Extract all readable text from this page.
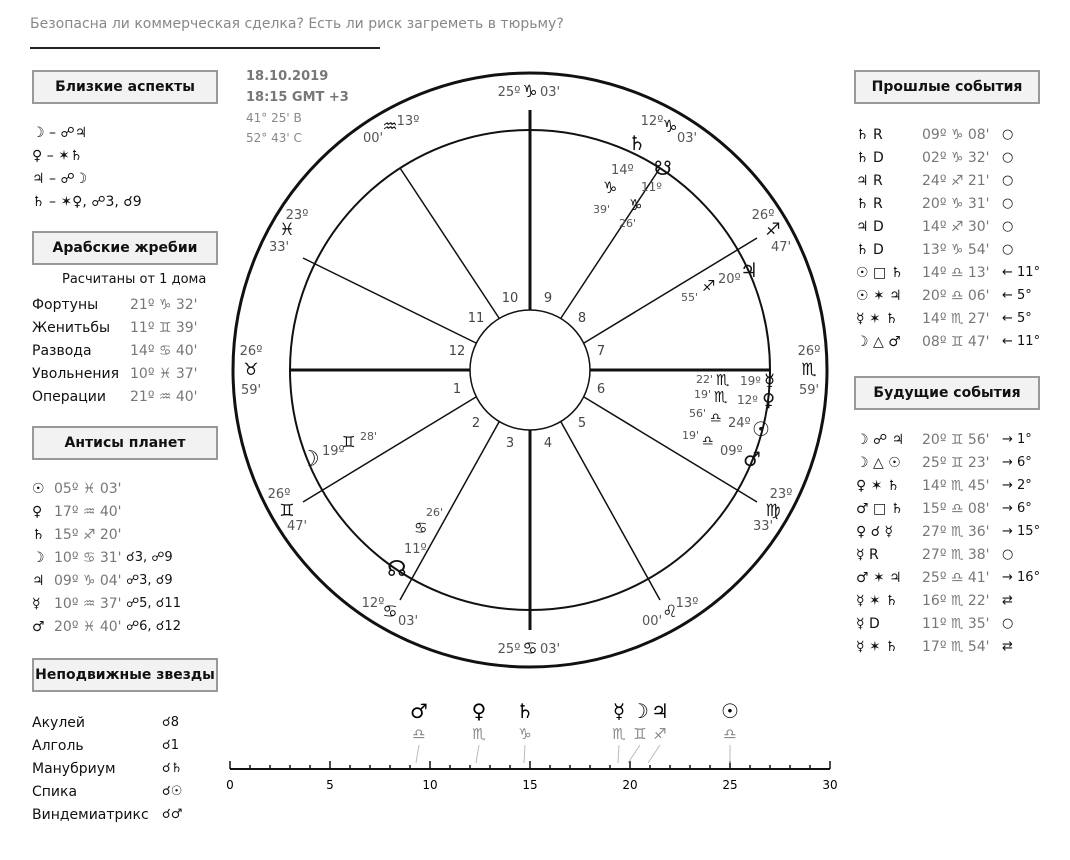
Безопасна ли коммерческая сделка? Есть ли риск загреметь в тюрьму?
Близкие аспекты
☽ – ☍♃
♀ – ✶♄
♃ – ☍☽
♄ – ✶♀, ☍3, ☌9
Арабские жребии
Расчитаны от 1 дома
Фортуны 21º ♑ 32'
Женитьбы 11º ♊ 39'
Развода	14º ♋ 40'
Увольнения 10º ♓ 37'
Операции 21º ♒ 40'
Антисы планет
☉ 05º ♓ 03'
♀ 17º ♒ 40'
♄ 15º ♐ 20'
☽ 10º ♋ 31' ☌3, ☍9
♃ 09º ♑ 04' ☍3, ☌9
☿ 10º ♒ 37' ☍5, ☌11
♂ 20º ♓ 40' ☍6, ☌12
Неподвижные звезды
Акулей	☌8
Алголь	☌1
Манубриум	☌♄
Спика	☌☉
Виндемиатрикс ☌♂
18.10.2019
18:15 GMT +3
41° 25' В
52° 43' С
1
2
3 4
5
6
7
8
9
10
11
12
26º
♉
59'
26º
♊
47'
12º
♋ 03'
25º ♋ 03'
13º
♌
00'
23º
♍
33'
26º
♏
59'
26º
♐
47'
12º ♑
03'
25º ♑ 03'
13º
♒
00'
23º
♓
33'
♄
14º
♑
39'
☋
11º
♑
26'
♃
20º
♐
55'
☿
19º
♏
22'
♀
12º
♏
19'
☉
24º
♎
56'
♂
09º
♎
19'
☽ 19º
♊ 28'
☊
11º
♋
26'
Прошлые события
♄ R	09º ♑ 08' ○
♄ D	02º ♑ 32' ○
♃ R	24º ♐ 21' ○
♄ R	20º ♑ 31' ○
♃ D	14º ♐ 30' ○
♄ D	13º ♑ 54' ○
☉ □ ♄ 14º ♎ 13' ← 11°
☉ ✶ ♃ 20º ♎ 06' ← 5°
☿ ✶ ♄ 14º ♏ 27' ← 5°
☽ △ ♂ 08º ♊ 47' ← 11°
Будущие события
☽ ☍ ♃ 20º ♊ 56' → 1°
☽ △ ☉ 25º ♊ 23' → 6°
♀ ✶ ♄ 14º ♏ 45' → 2°
♂ □ ♄ 15º ♎ 08' → 6°
♀ ☌ ☿ 27º ♏ 36' → 15°
☿ R	27º ♏ 38' ○
♂ ✶ ♃ 25º ♎ 41' → 16°
☿ ✶ ♄ 16º ♏ 22' ⇄
☿ D	11º ♏ 35' ○
☿ ✶ ♄ 17º ♏ 54' ⇄
0	5	10	15	20	25	30
♂
♎
♀
♏
♄
♑
☿
♏
☽
♊
♃
♐
☉
♎
